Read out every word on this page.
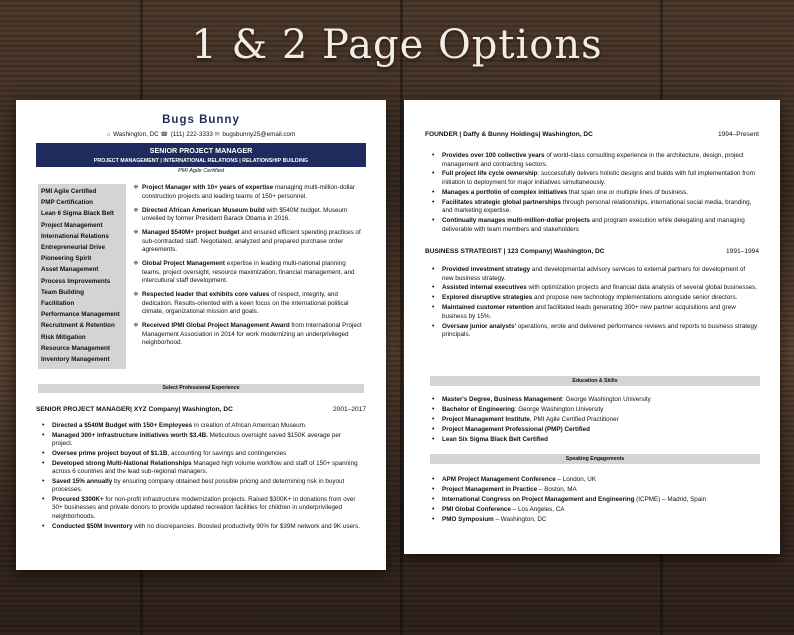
1 & 2 Page Options
Bugs Bunny
⌂ Washington, DC ☎ (111) 222-3333 ✉ bugsbunny25@email.com
SENIOR PROJECT MANAGER
PROJECT MANAGEMENT | INTERNATIONAL RELATIONS | RELATIONSHIP BUILDING
PMI Agile Certified
PMI Agile Certified
PMP Certification
Lean 6 Sigma Black Belt
Project Management
International Relations
Entrepreneurial Drive
Pioneering Spirit
Asset Management
Process Improvements
Team Building
Facilitation
Performance Management
Recruitment & Retention
Risk Mitigation
Resource Management
Inventory Management
❖ Project Manager with 10+ years of expertise managing multi-million-dollar construction projects and leading teams of 150+ personnel.
❖ Directed African American Museum build with $540M budget. Museum unveiled by former President Barack Obama in 2016.
❖ Managed $540M+ project budget and ensured efficient spending practices of sub-contracted staff. Negotiated, analyzed and prepared purchase order agreements.
❖ Global Project Management expertise in leading multi-national planning teams, project oversight, resource maximization, financial management, and intercultural staff development.
❖ Respected leader that exhibits core values of respect, integrity, and dedication. Results-oriented with a keen focus on the international political climate, organizational mission and goals.
❖ Received IPMI Global Project Management Award from International Project Management Association in 2014 for work modernizing an underprivileged neighborhood.
Select Professional Experience
SENIOR PROJECT MANAGER| XYZ Company| Washington, DC	2001–2017
•	Directed a $540M Budget with 150+ Employees in creation of African American Museum.
•	Managed 300+ infrastructure initiatives worth $3.4B. Meticulous oversight saved $150K average per project.
•	Oversee prime project buyout of $1.1B, accounting for savings and contingencies
•	Developed strong Multi-National Relationships Managed high volume workflow and staff of 150+ spanning across 6 countries and the lead sub-regional managers.
•	Saved 15% annually by ensuring company obtained best possible pricing and determining risk in buyout processes.
•	Procured $300K+ for non-profit infrastructure modernization projects. Raised $300K+ in donations from over 30+ businesses and private donors to provide updated recreation facilities for children in underprivileged neighborhoods.
•	Conducted $50M Inventory with no discrepancies. Boosted productivity 90% for $39M network and 9K users.
FOUNDER | Daffy & Bunny Holdings| Washington, DC	1994–Present
•	Provides over 100 collective years of world-class consulting experience in the architecture, design, project management and contracting sectors.
•	Full project life cycle ownership: successfully delivers holistic designs and builds with full implementation from initiation to deployment for major initiatives simultaneously.
•	Manages a portfolio of complex initiatives that span one or multiple lines of business.
•	Facilitates strategic global partnerships through personal relationships, international social media, branding, and marketing expertise.
•	Continually manages multi-million-dollar projects and program execution while delegating and managing deliverable with team members and stakeholders
BUSINESS STRATEGIST | 123 Company| Washington, DC	1991–1994
•	Provided investment strategy and developmental advisory services to external partners for development of new business strategy.
•	Assisted internal executives with optimization projects and financial data analysis of several global businesses.
•	Explored disruptive strategies and propose new technology implementations alongside senior directors.
•	Maintained customer retention and facilitated leads generating 300+ new partner acquisitions and grew business by 15%.
•	Oversaw junior analysts' operations, wrote and delivered performance reviews and reports to business strategy principals.
Education & Skills
•	Master's Degree, Business Management: George Washington University
•	Bachelor of Engineering: George Washington University
•	Project Management Institute, PMI Agile Certified Practitioner
•	Project Management Professional (PMP) Certified
•	Lean Six Sigma Black Belt Certified
Speaking Engagements
•	APM Project Management Conference – London, UK
•	Project Management in Practice – Boston, MA
•	International Congress on Project Management and Engineering (ICPME) – Madrid, Spain
•	PMI Global Conference – Los Angeles, CA
•	PMO Symposium – Washington, DC
